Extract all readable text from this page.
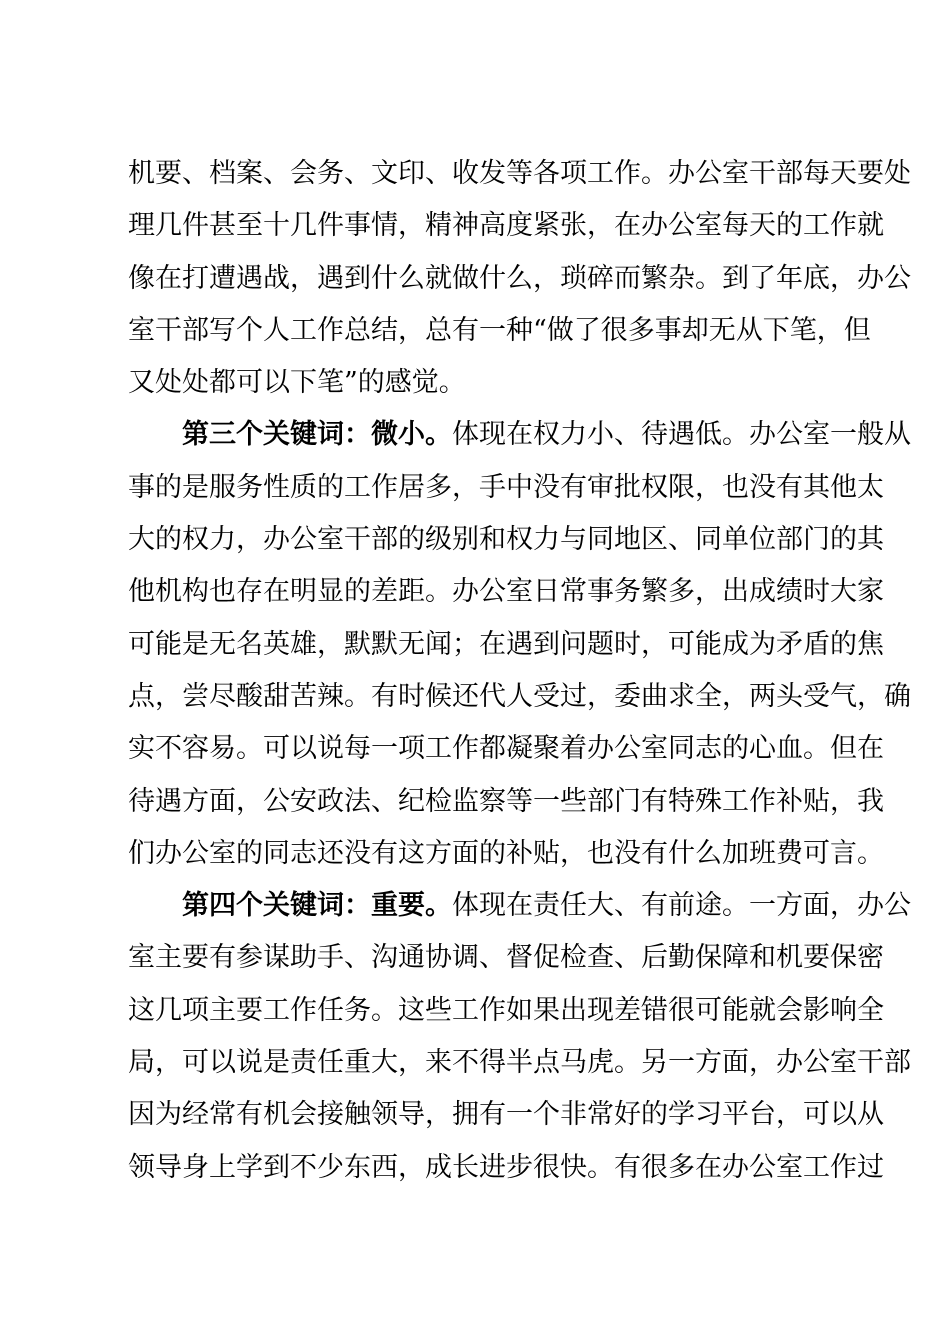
机要、档案、会务、文印、收发等各项工作。办公室干部每天要处
理几件甚至十几件事情，精神高度紧张，在办公室每天的工作就
像在打遭遇战，遇到什么就做什么，琐碎而繁杂。到了年底，办公
室干部写个人工作总结，总有一种“做了很多事却无从下笔，但
又处处都可以下笔”的感觉。
第三个关键词：微小。体现在权力小、待遇低。办公室一般从
事的是服务性质的工作居多，手中没有审批权限，也没有其他太
大的权力，办公室干部的级别和权力与同地区、同单位部门的其
他机构也存在明显的差距。办公室日常事务繁多，出成绩时大家
可能是无名英雄，默默无闻；在遇到问题时，可能成为矛盾的焦
点，尝尽酸甜苦辣。有时候还代人受过，委曲求全，两头受气，确
实不容易。可以说每一项工作都凝聚着办公室同志的心血。但在
待遇方面，公安政法、纪检监察等一些部门有特殊工作补贴，我
们办公室的同志还没有这方面的补贴，也没有什么加班费可言。
第四个关键词：重要。体现在责任大、有前途。一方面，办公
室主要有参谋助手、沟通协调、督促检查、后勤保障和机要保密
这几项主要工作任务。这些工作如果出现差错很可能就会影响全
局，可以说是责任重大，来不得半点马虎。另一方面，办公室干部
因为经常有机会接触领导，拥有一个非常好的学习平台，可以从
领导身上学到不少东西，成长进步很快。有很多在办公室工作过
